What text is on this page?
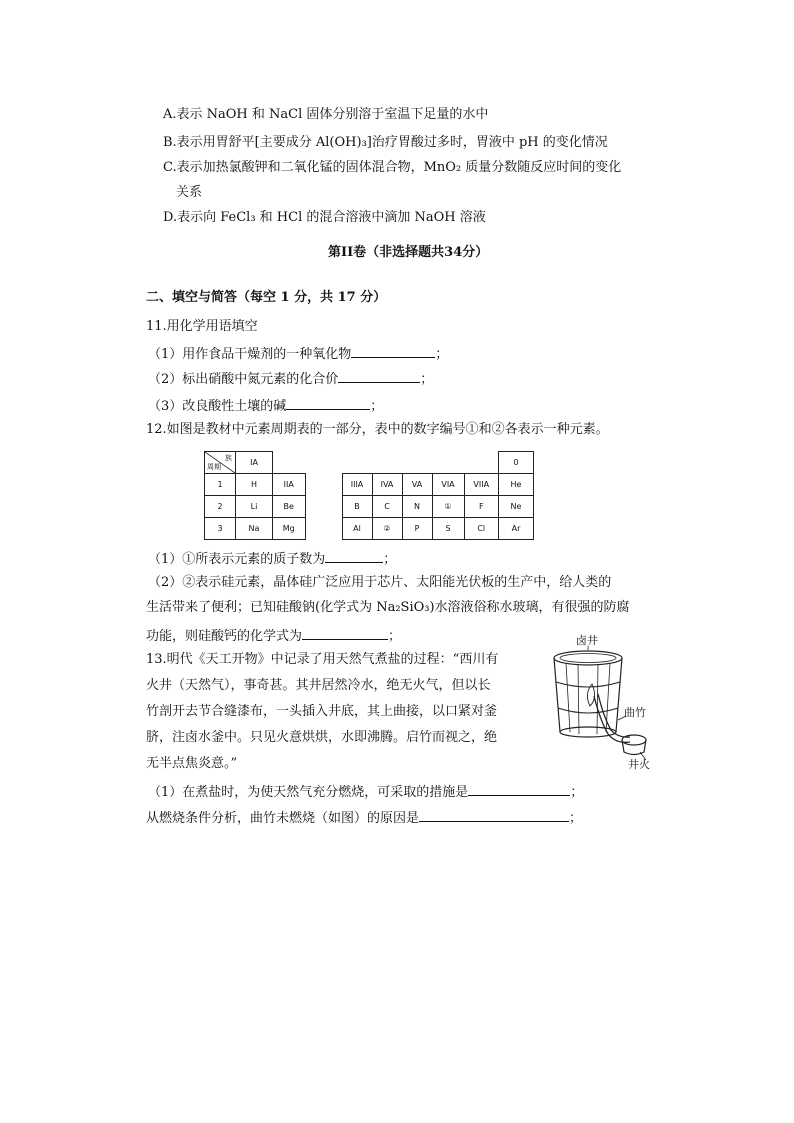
A.表示 NaOH 和 NaCl 固体分别溶于室温下足量的水中
B.表示用胃舒平[主要成分 Al(OH)₃]治疗胃酸过多时，胃液中 pH 的变化情况
C.表示加热氯酸钾和二氧化锰的固体混合物，MnO₂ 质量分数随反应时间的变化
关系
D.表示向 FeCl₃ 和 HCl 的混合溶液中滴加 NaOH 溶液
第II卷（非选择题共34分）
二、填空与简答（每空 1 分，共 17 分）
11.用化学用语填空
（1）用作食品干燥剂的一种氧化物	；
（2）标出硝酸中氮元素的化合价	；
（3）改良酸性土壤的碱	；
12.如图是教材中元素周期表的一部分，表中的数字编号①和②各表示一种元素。
族
周期	IA								0
1	H	IIA		IIIA	IVA	VA	VIA	VIIA	He
2	Li	Be		B	C	N	①	F	Ne
3	Na	Mg		Al	②	P	S	Cl	Ar
（1）①所表示元素的质子数为	；
（2）②表示硅元素，晶体硅广泛应用于芯片、太阳能光伏板的生产中，给人类的
生活带来了便利；已知硅酸钠(化学式为 Na₂SiO₃)水溶液俗称水玻璃，有很强的防腐
功能，则硅酸钙的化学式为	；
13.明代《天工开物》中记录了用天然气煮盐的过程：“西川有
火井（天然气），事奇甚。其井居然冷水，绝无火气，但以长
竹剖开去节合缝漆布，一头插入井底，其上曲接，以口紧对釜
脐，注卤水釜中。只见火意烘烘，水即沸腾。启竹而视之，绝
无半点焦炎意。”
（1）在煮盐时，为使天然气充分燃烧，可采取的措施是	；
从燃烧条件分析，曲竹未燃烧（如图）的原因是	；
卤井
曲竹
井火
